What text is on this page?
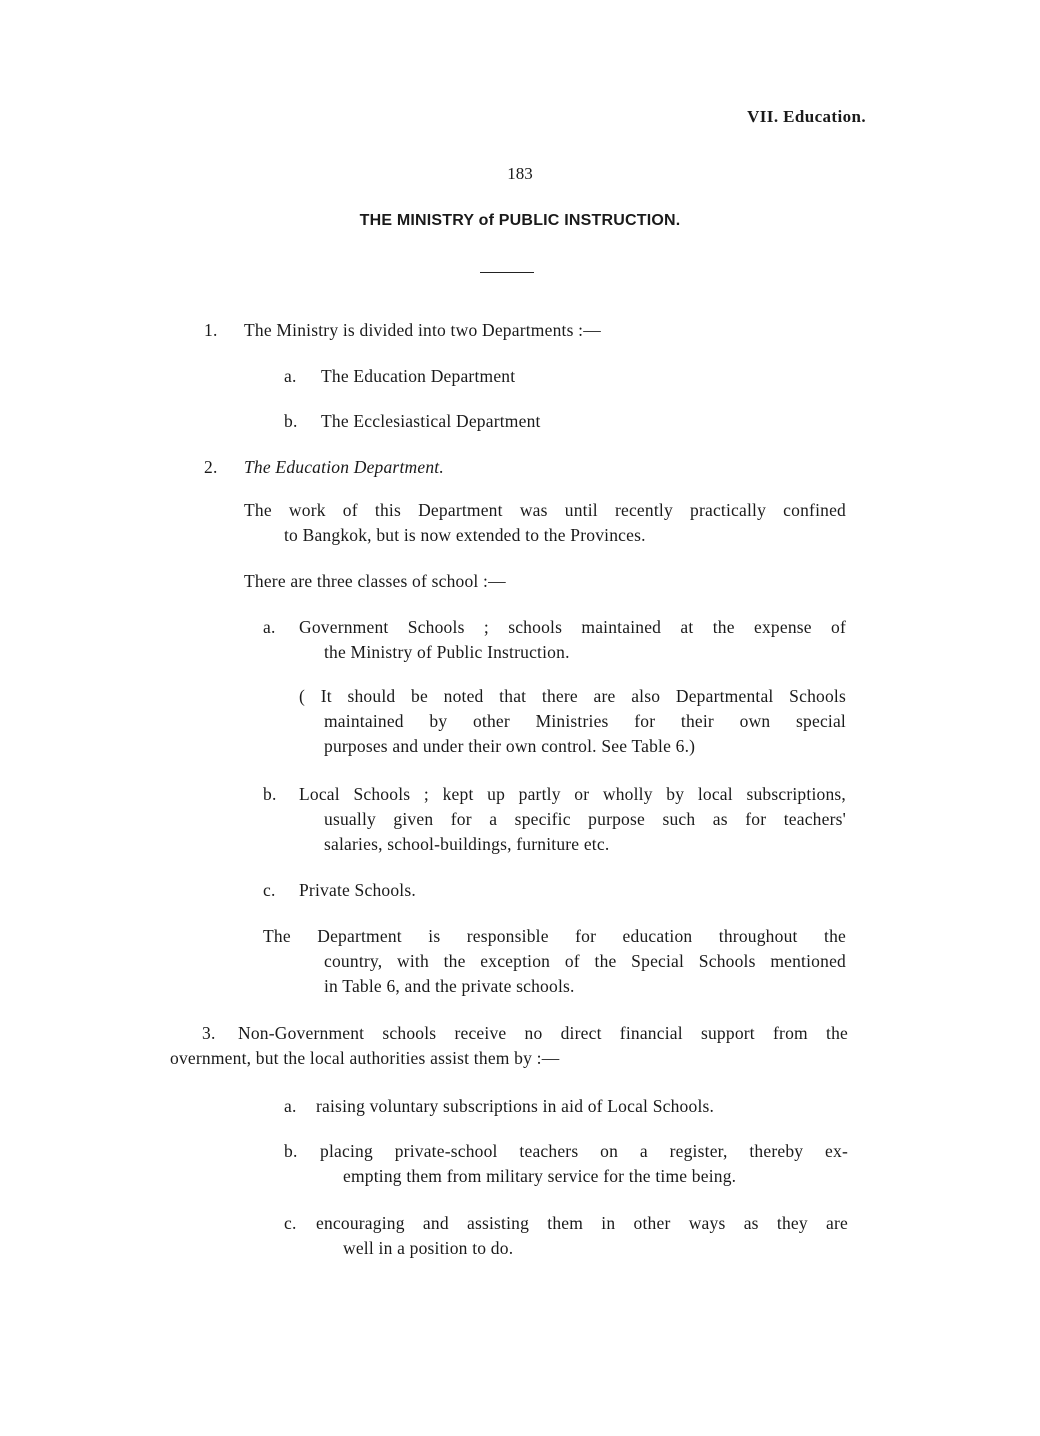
VII. Education.
183
THE MINISTRY of PUBLIC INSTRUCTION.
1. The Ministry is divided into two Departments :—
a. The Education Department
b. The Ecclesiastical Department
2. The Education Department.
The work of this Department was until recently practically confined
to Bangkok, but is now extended to the Provinces.
There are three classes of school :—
a. Government Schools ; schools maintained at the expense of
the Ministry of Public Instruction.
( It should be noted that there are also Departmental Schools
maintained by other Ministries for their own special
purposes and under their own control. See Table 6.)
b. Local Schools ; kept up partly or wholly by local subscriptions,
usually given for a specific purpose such as for teachers'
salaries, school-buildings, furniture etc.
c. Private Schools.
The Department is responsible for education throughout the
country, with the exception of the Special Schools mentioned
in Table 6, and the private schools.
3. Non-Government schools receive no direct financial support from the
overnment, but the local authorities assist them by :—
a. raising voluntary subscriptions in aid of Local Schools.
b. placing private-school teachers on a register, thereby ex-
empting them from military service for the time being.
c. encouraging and assisting them in other ways as they are
well in a position to do.
